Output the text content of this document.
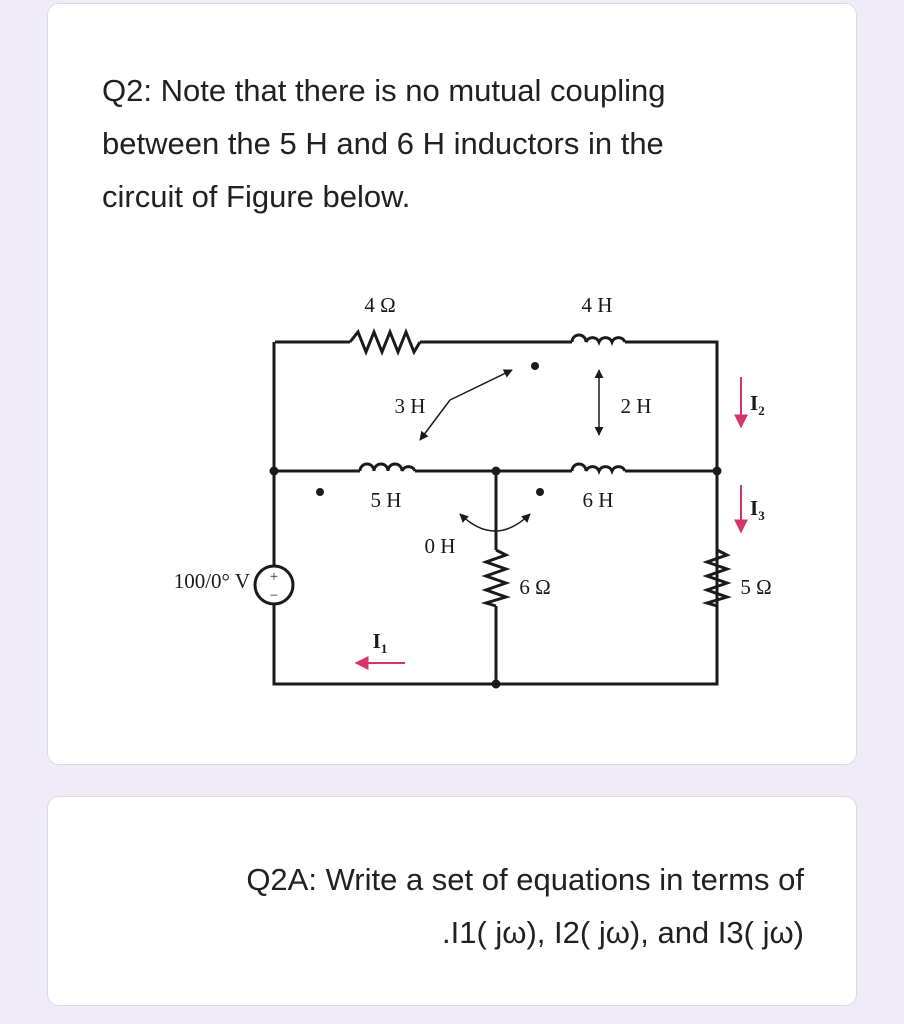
Q2: Note that there is no mutual coupling
between the 5 H and 6 H inductors in the
circuit of Figure below.

+
−
4 Ω	4 H
3 H	2 H
5 H	6 H
0 H
6 Ω	5 Ω
100/0° V
$I_1$
$I_2$
$I_3$

Q2A: Write a set of equations in terms of
.I1( jω), I2( jω), and I3( jω)
